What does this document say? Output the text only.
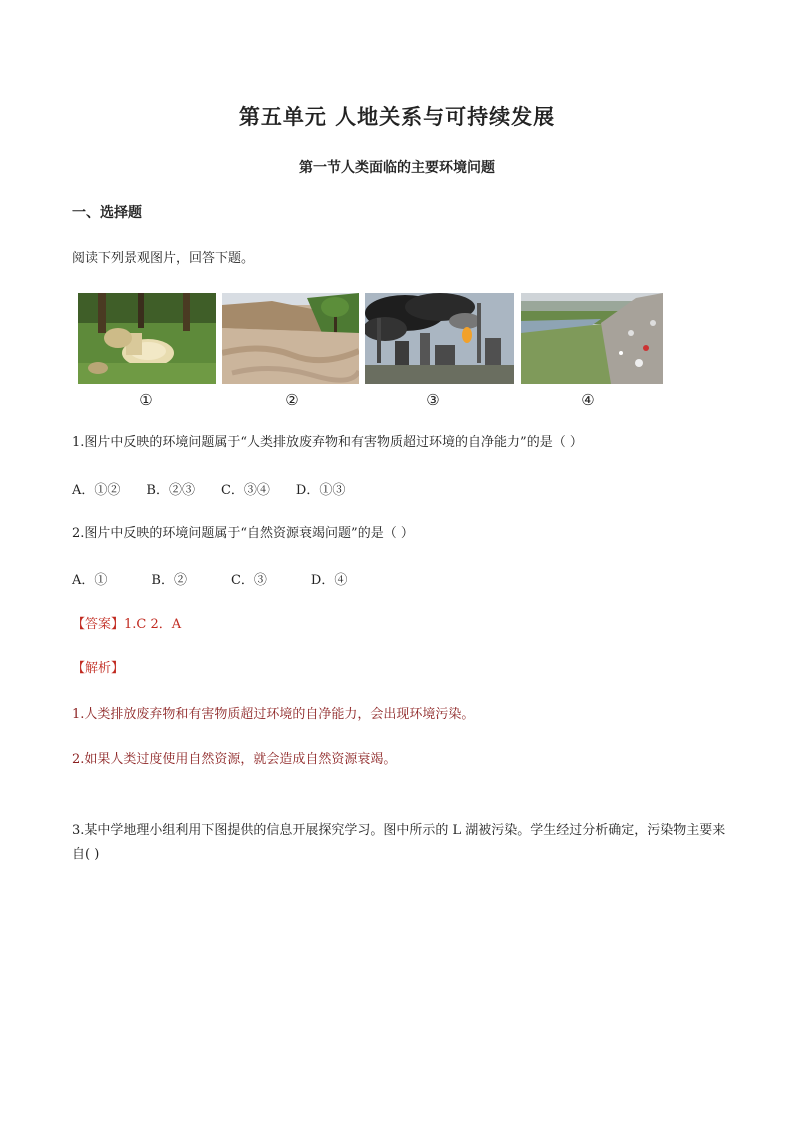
第五单元 人地关系与可持续发展
第一节人类面临的主要环境问题
一、选择题
阅读下列景观图片，回答下题。
①	②	③	④
1.图片中反映的环境问题属于“人类排放废弃物和有害物质超过环境的自净能力”的是（ ）
A．①② B．②③ C．③④ D．①③
2.图片中反映的环境问题属于“自然资源衰竭问题”的是（ ）
A．①	B．②	C．③	D．④
【答案】1.C 2．A
【解析】
1.人类排放废弃物和有害物质超过环境的自净能力，会出现环境污染。
2.如果人类过度使用自然资源，就会造成自然资源衰竭。
3.某中学地理小组利用下图提供的信息开展探究学习。图中所示的 L 湖被污染。学生经过分析确定，污染物主要来自( )
